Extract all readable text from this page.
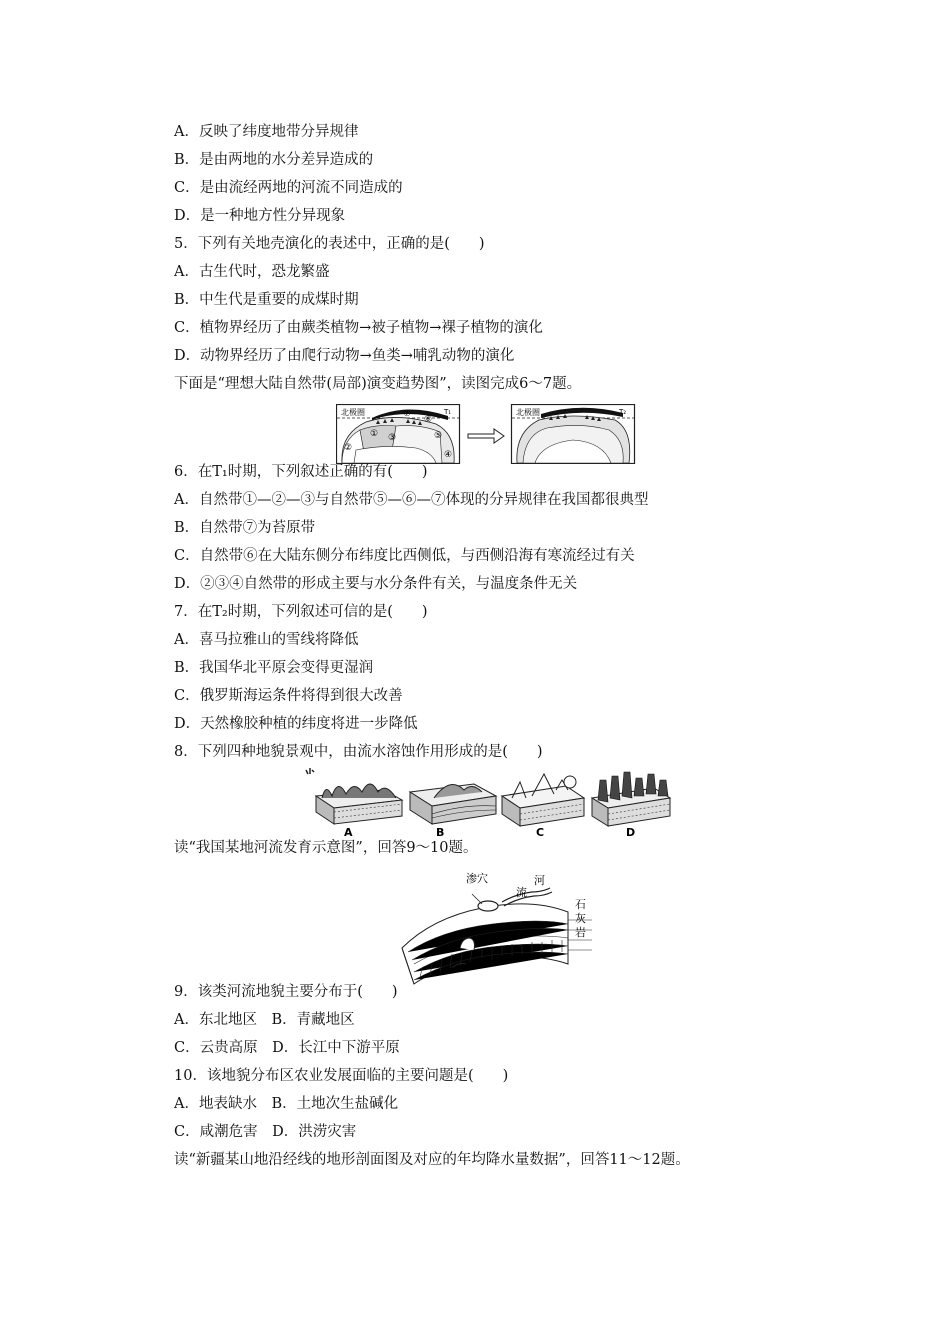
A．反映了纬度地带分异规律
B．是由两地的水分差异造成的
C．是由流经两地的河流不同造成的
D．是一种地方性分异现象
5．下列有关地壳演化的表述中，正确的是(　　)
A．古生代时，恐龙繁盛
B．中生代是重要的成煤时期
C．植物界经历了由蕨类植物→被子植物→裸子植物的演化
D．动物界经历了由爬行动物→鱼类→哺乳动物的演化
下面是“理想大陆自然带(局部)演变趋势图”，读图完成6～7题。
北极圈	T₁
⑦
⑥
①
②
③
④
⑤
北极圈	T₂
6．在T₁时期，下列叙述正确的有(　　)
A．自然带①—②—③与自然带⑤—⑥—⑦体现的分异规律在我国都很典型
B．自然带⑦为苔原带
C．自然带⑥在大陆东侧分布纬度比西侧低，与西侧沿海有寒流经过有关
D．②③④自然带的形成主要与水分条件有关，与温度条件无关
7．在T₂时期，下列叙述可信的是(　　)
A．喜马拉雅山的雪线将降低
B．我国华北平原会变得更湿润
C．俄罗斯海运条件将得到很大改善
D．天然橡胶种植的纬度将进一步降低
8．下列四种地貌景观中，由流水溶蚀作用形成的是(　　)
A	B	C	D
读“我国某地河流发育示意图”，回答9～10题。
渗穴	河
流
石
灰
岩
9．该类河流地貌主要分布于(　　)
A．东北地区　B．青藏地区
C．云贵高原　D．长江中下游平原
10．该地貌分布区农业发展面临的主要问题是(　　)
A．地表缺水　B．土地次生盐碱化
C．咸潮危害　D．洪涝灾害
读“新疆某山地沿经线的地形剖面图及对应的年均降水量数据”，回答11～12题。
